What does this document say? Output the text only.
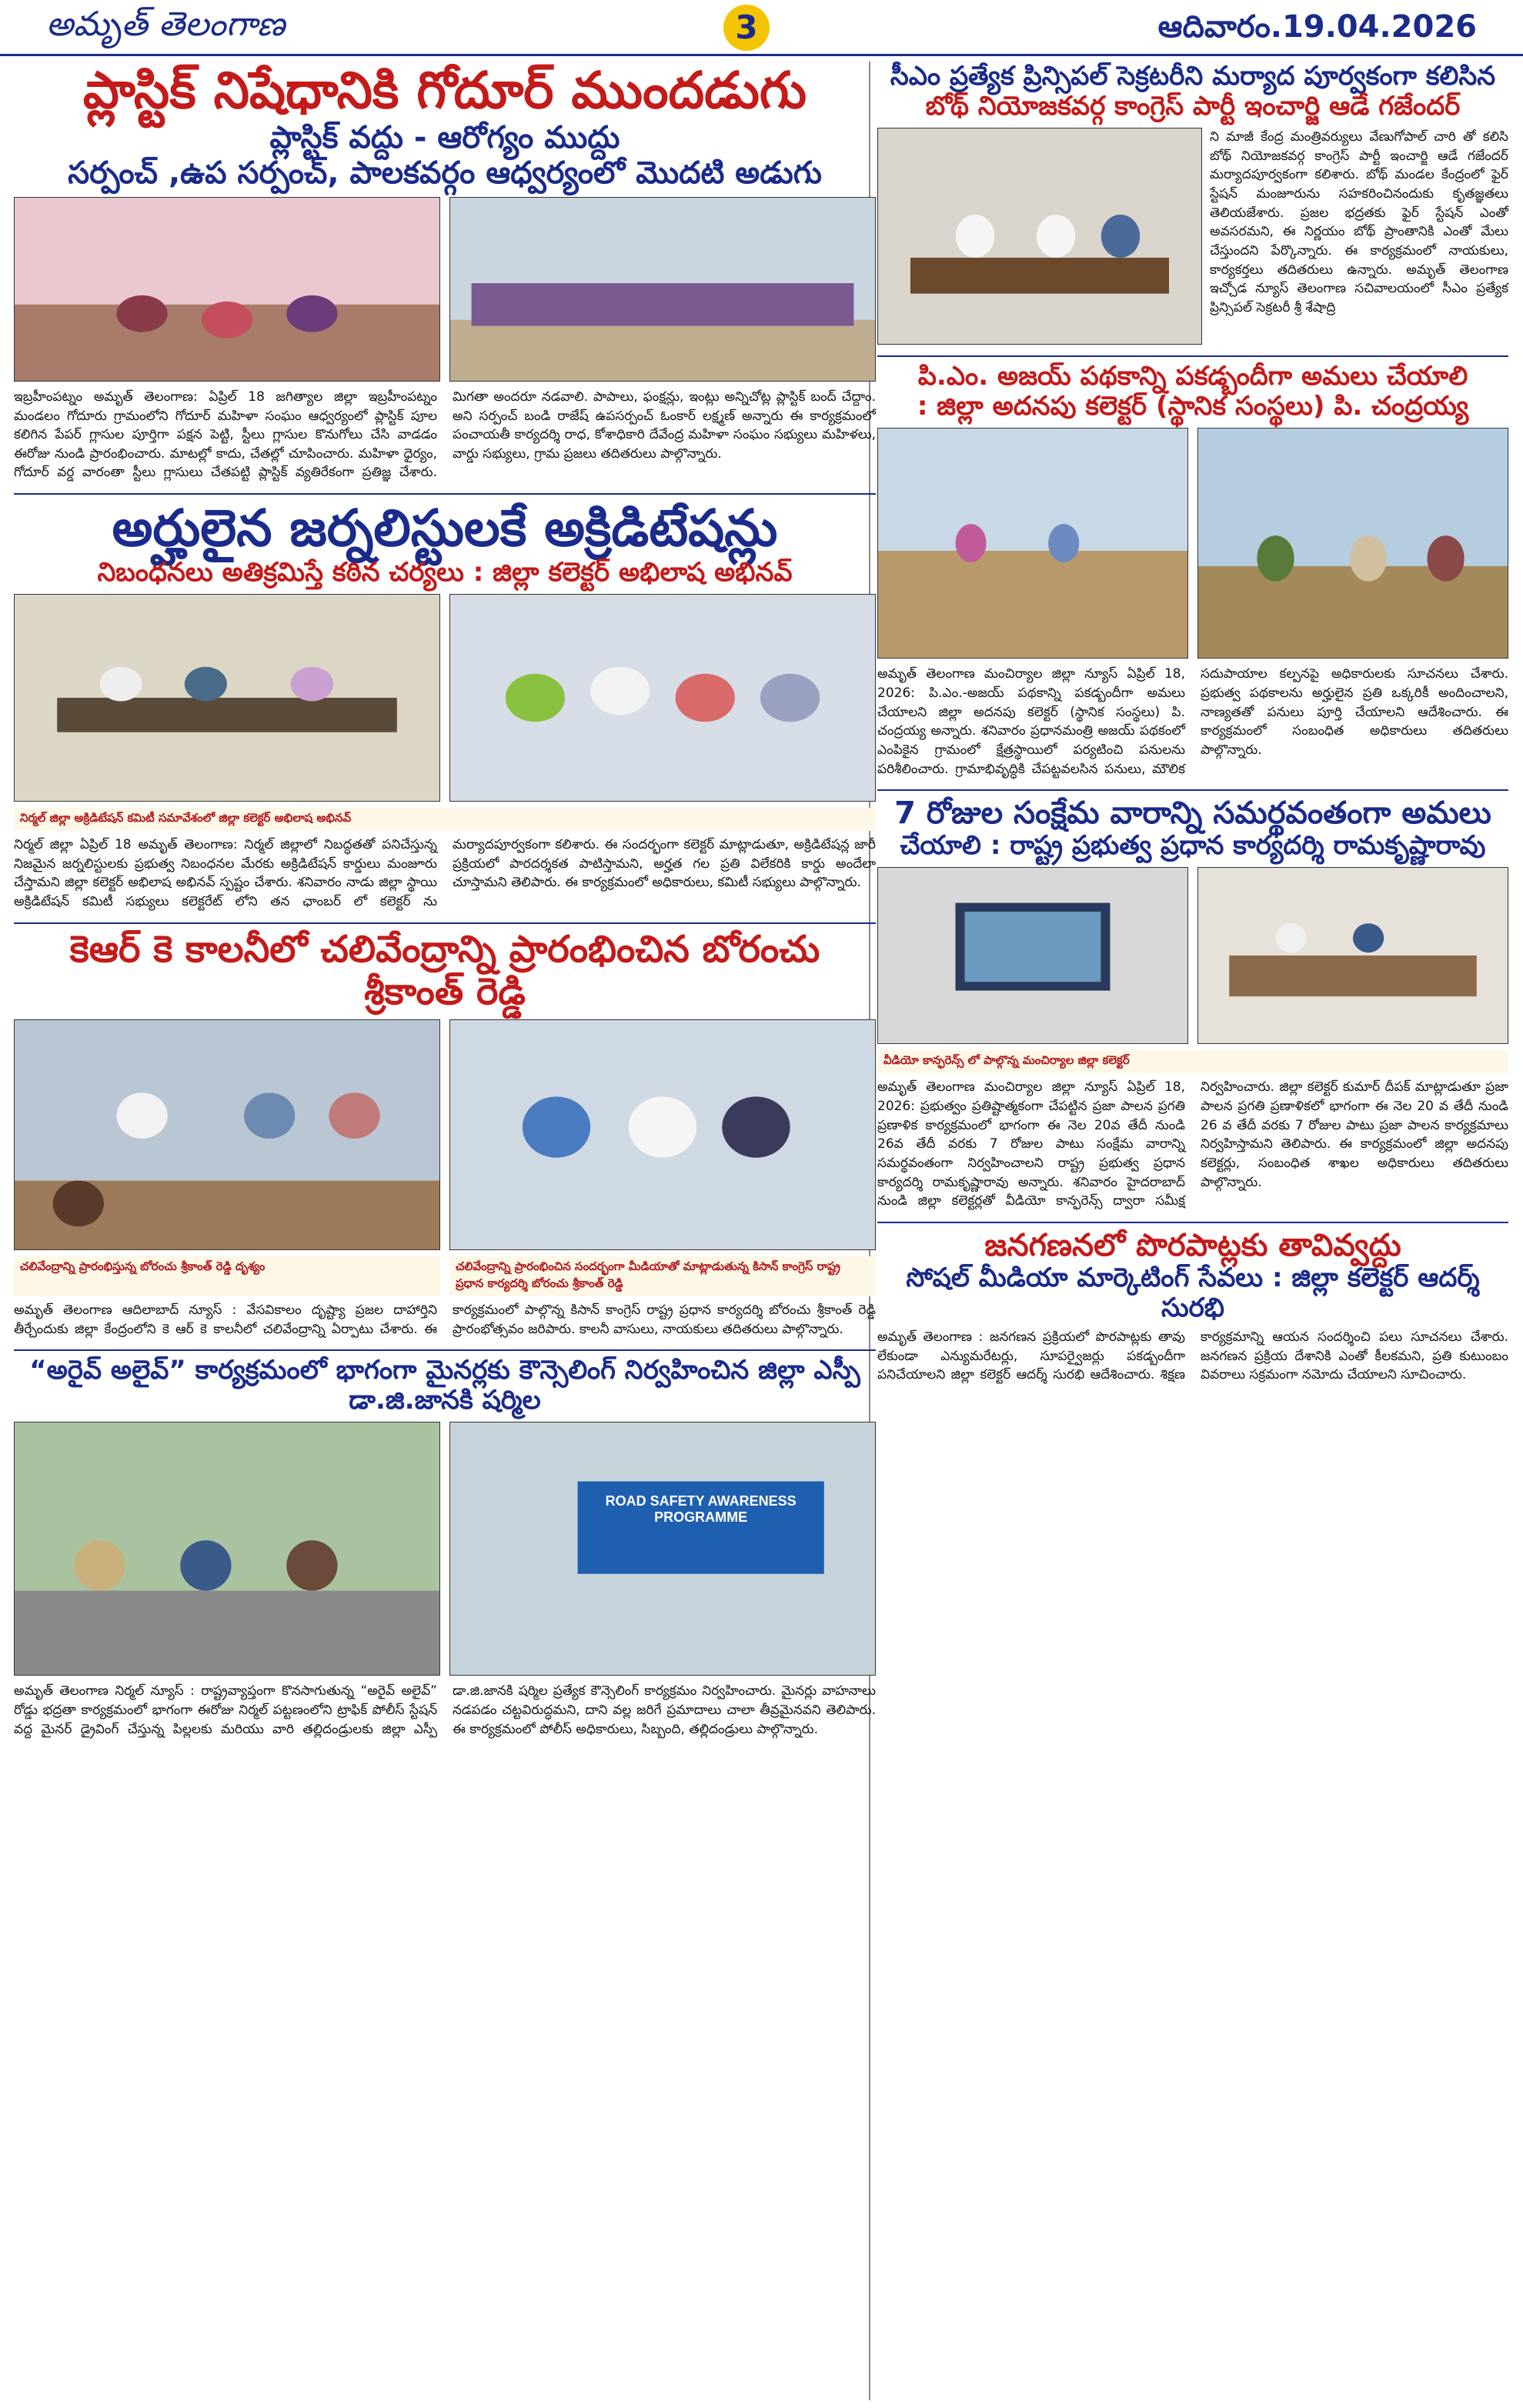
అమృత్ తెలంగాణ	3	ఆదివారం.19.04.2026
ప్లాస్టిక్ నిషేధానికి గోదూర్ ముందడుగు
ప్లాస్టిక్ వద్దు - ఆరోగ్యం ముద్దు
సర్పంచ్ ,ఉప సర్పంచ్, పాలకవర్గం ఆధ్వర్యంలో మొదటి అడుగు
ఇబ్రహీంపట్నం అమృత్ తెలంగాణ: ఏప్రిల్ 18 జగిత్యాల జిల్లా ఇబ్రహీంపట్నం మండలం గోదూరు గ్రామంలోని గోదూర్ మహిళా సంఘం ఆధ్వర్యంలో ప్లాస్టిక్ పూల కలిగిన పేపర్ గ్లాసుల పూర్తిగా పక్షన పెట్టి, స్టీలు గ్లాసుల కొనుగోలు చేసి వాడడం ఈరోజు నుండి ప్రారంభించారు. మాటల్లో కాదు, చేతల్లో చూపించారు. మహిళా ధైర్యం, గోదూర్ వర్డ వారంతా స్టీలు గ్లాసులు చేతపట్టి ప్లాస్టిక్ వ్యతిరేకంగా ప్రతిజ్ఞ చేశారు. మిగతా అందరూ నడవాలి. పాపాలు, ఫంక్షన్లు, ఇంట్లు అన్నిచోట్ల ప్లాస్టిక్ బంద్ చేద్దాం. అని సర్పంచ్ బండి రాజేష్ ఉపసర్పంచ్ ఓంకార్ లక్ష్మణ్ అన్నారు ఈ కార్యక్రమంలో పంచాయతీ కార్యదర్శి రాధ, కోశాధికారి దేవేంద్ర మహిళా సంఘం సభ్యులు మహిళలు, వార్డు సభ్యులు, గ్రామ ప్రజలు తదితరులు పాల్గొన్నారు.
అర్హులైన జర్నలిస్టులకే అక్రిడిటేషన్లు
నిబంధనలు అతిక్రమిస్తే కఠిన చర్యలు : జిల్లా కలెక్టర్ అభిలాష అభినవ్
నిర్మల్ జిల్లా అక్రిడిటేషన్ కమిటీ సమావేశంలో జిల్లా కలెక్టర్ అభిలాష అభినవ్
నిర్మల్ జిల్లా ఏప్రిల్ 18 అమృత్ తెలంగాణ: నిర్మల్ జిల్లాలో నిబద్ధతతో పనిచేస్తున్న నిజమైన జర్నలిస్టులకు ప్రభుత్వ నిబంధనల మేరకు అక్రిడిటేషన్ కార్డులు మంజూరు చేస్తామని జిల్లా కలెక్టర్ అభిలాష అభినవ్ స్పష్టం చేశారు. శనివారం నాడు జిల్లా స్థాయి అక్రిడిటేషన్ కమిటీ సభ్యులు కలెక్టరేట్ లోని తన ఛాంబర్ లో కలెక్టర్ ను మర్యాదపూర్వకంగా కలిశారు. ఈ సందర్భంగా కలెక్టర్ మాట్లాడుతూ, అక్రిడిటేషన్ల జారీ ప్రక్రియలో పారదర్శకత పాటిస్తామని, అర్హత గల ప్రతి విలేకరికి కార్డు అందేలా చూస్తామని తెలిపారు. ఈ కార్యక్రమంలో అధికారులు, కమిటీ సభ్యులు పాల్గొన్నారు.
కెఆర్ కె కాలనీలో చలివేంద్రాన్ని ప్రారంభించిన బోరంచు శ్రీకాంత్ రెడ్డి
చలివేంద్రాన్ని ప్రారంభిస్తున్న బోరంచు శ్రీకాంత్ రెడ్డి దృశ్యం	చలివేంద్రాన్ని ప్రారంభించిన సందర్భంగా మీడియాతో మాట్లాడుతున్న కిసాన్ కాంగ్రెస్ రాష్ట్ర ప్రధాన కార్యదర్శి బోరంచు శ్రీకాంత్ రెడ్డి
అమృత్ తెలంగాణ ఆదిలాబాద్ న్యూస్ : వేసవికాలం దృష్ట్యా ప్రజల దాహార్తిని తీర్చేందుకు జిల్లా కేంద్రంలోని కె ఆర్ కె కాలనీలో చలివేంద్రాన్ని ఏర్పాటు చేశారు. ఈ కార్యక్రమంలో పాల్గొన్న కిసాన్ కాంగ్రెస్ రాష్ట్ర ప్రధాన కార్యదర్శి బోరంచు శ్రీకాంత్ రెడ్డి ప్రారంభోత్సవం జరిపారు. కాలనీ వాసులు, నాయకులు తదితరులు పాల్గొన్నారు.
“అరైవ్ అలైవ్” కార్యక్రమంలో భాగంగా మైనర్లకు కౌన్సెలింగ్ నిర్వహించిన జిల్లా ఎస్పీ డా.జి.జానకి షర్మిల
ROAD SAFETY AWARENESS PROGRAMME
అమృత్ తెలంగాణ నిర్మల్ న్యూస్ : రాష్ట్రవ్యాప్తంగా కొనసాగుతున్న “అరైవ్ అలైవ్” రోడ్డు భద్రతా కార్యక్రమంలో భాగంగా ఈరోజు నిర్మల్ పట్టణంలోని ట్రాఫిక్ పోలీస్ స్టేషన్ వద్ద మైనర్ డ్రైవింగ్ చేస్తున్న పిల్లలకు మరియు వారి తల్లిదండ్రులకు జిల్లా ఎస్పీ డా.జి.జానకి షర్మిల ప్రత్యేక కౌన్సెలింగ్ కార్యక్రమం నిర్వహించారు. మైనర్లు వాహనాలు నడపడం చట్టవిరుద్ధమని, దాని వల్ల జరిగే ప్రమాదాలు చాలా తీవ్రమైనవని తెలిపారు. ఈ కార్యక్రమంలో పోలీస్ అధికారులు, సిబ్బంది, తల్లిదండ్రులు పాల్గొన్నారు.
సీఎం ప్రత్యేక ప్రిన్సిపల్ సెక్రటరీని మర్యాద పూర్వకంగా కలిసిన
బోథ్ నియోజకవర్గ కాంగ్రెస్ పార్టీ ఇంచార్జి ఆడే గజేందర్
ని మాజీ కేంద్ర మంత్రివర్యులు వేణుగోపాల్ చారి తో కలిసి బోథ్ నియోజకవర్గ కాంగ్రెస్ పార్టీ ఇంచార్జి ఆడే గజేందర్ మర్యాదపూర్వకంగా కలిశారు. బోథ్ మండల కేంద్రంలో ఫైర్ స్టేషన్ మంజూరును సహకరించినందుకు కృతజ్ఞతలు తెలియజేశారు. ప్రజల భద్రతకు ఫైర్ స్టేషన్ ఎంతో అవసరమని, ఈ నిర్ణయం బోథ్ ప్రాంతానికి ఎంతో మేలు చేస్తుందని పేర్కొన్నారు. ఈ కార్యక్రమంలో నాయకులు, కార్యకర్తలు తదితరులు ఉన్నారు. అమృత్ తెలంగాణ ఇచ్చోడ న్యూస్ తెలంగాణ సచివాలయంలో సీఎం ప్రత్యేక ప్రిన్సిపల్ సెక్రటరీ శ్రీ శేషాద్రి
పి.ఎం. అజయ్ పథకాన్ని పకడ్బందీగా అమలు చేయాలి
: జిల్లా అదనపు కలెక్టర్ (స్థానిక సంస్థలు) పి. చంద్రయ్య
అమృత్ తెలంగాణ మంచిర్యాల జిల్లా న్యూస్ ఏప్రిల్ 18, 2026: పి.ఎం.-అజయ్ పథకాన్ని పకడ్బందీగా అమలు చేయాలని జిల్లా అదనపు కలెక్టర్ (స్థానిక సంస్థలు) పి. చంద్రయ్య అన్నారు. శనివారం ప్రధానమంత్రి అజయ్ పథకంలో ఎంపికైన గ్రామంలో క్షేత్రస్థాయిలో పర్యటించి పనులను పరిశీలించారు. గ్రామాభివృద్ధికి చేపట్టవలసిన పనులు, మౌలిక సదుపాయాల కల్పనపై అధికారులకు సూచనలు చేశారు. ప్రభుత్వ పథకాలను అర్హులైన ప్రతి ఒక్కరికీ అందించాలని, నాణ్యతతో పనులు పూర్తి చేయాలని ఆదేశించారు. ఈ కార్యక్రమంలో సంబంధిత అధికారులు తదితరులు పాల్గొన్నారు.
7 రోజుల సంక్షేమ వారాన్ని సమర్థవంతంగా అమలు
చేయాలి : రాష్ట్ర ప్రభుత్వ ప్రధాన కార్యదర్శి రామకృష్ణారావు
వీడియో కాన్ఫరెన్స్ లో పాల్గొన్న మంచిర్యాల జిల్లా కలెక్టర్
అమృత్ తెలంగాణ మంచిర్యాల జిల్లా న్యూస్ ఏప్రిల్ 18, 2026: ప్రభుత్వం ప్రతిష్టాత్మకంగా చేపట్టిన ప్రజా పాలన ప్రగతి ప్రణాళిక కార్యక్రమంలో భాగంగా ఈ నెల 20వ తేదీ నుండి 26వ తేదీ వరకు 7 రోజుల పాటు సంక్షేమ వారాన్ని సమర్థవంతంగా నిర్వహించాలని రాష్ట్ర ప్రభుత్వ ప్రధాన కార్యదర్శి రామకృష్ణారావు అన్నారు. శనివారం హైదరాబాద్ నుండి జిల్లా కలెక్టర్లతో వీడియో కాన్ఫరెన్స్ ద్వారా సమీక్ష నిర్వహించారు. జిల్లా కలెక్టర్ కుమార్ దీపక్ మాట్లాడుతూ ప్రజా పాలన ప్రగతి ప్రణాళికలో భాగంగా ఈ నెల 20 వ తేదీ నుండి 26 వ తేదీ వరకు 7 రోజుల పాటు ప్రజా పాలన కార్యక్రమాలు నిర్వహిస్తామని తెలిపారు. ఈ కార్యక్రమంలో జిల్లా అదనపు కలెక్టర్లు, సంబంధిత శాఖల అధికారులు తదితరులు పాల్గొన్నారు.
జనగణనలో పొరపాట్లకు తావివ్వద్దు
సోషల్ మీడియా మార్కెటింగ్ సేవలు : జిల్లా కలెక్టర్ ఆదర్శ్ సురభి
అమృత్ తెలంగాణ : జనగణన ప్రక్రియలో పొరపాట్లకు తావు లేకుండా ఎన్యుమరేటర్లు, సూపర్వైజర్లు పకడ్బందీగా పనిచేయాలని జిల్లా కలెక్టర్ ఆదర్శ్ సురభి ఆదేశించారు. శిక్షణ కార్యక్రమాన్ని ఆయన సందర్శించి పలు సూచనలు చేశారు. జనగణన ప్రక్రియ దేశానికి ఎంతో కీలకమని, ప్రతి కుటుంబం వివరాలు సక్రమంగా నమోదు చేయాలని సూచించారు.
